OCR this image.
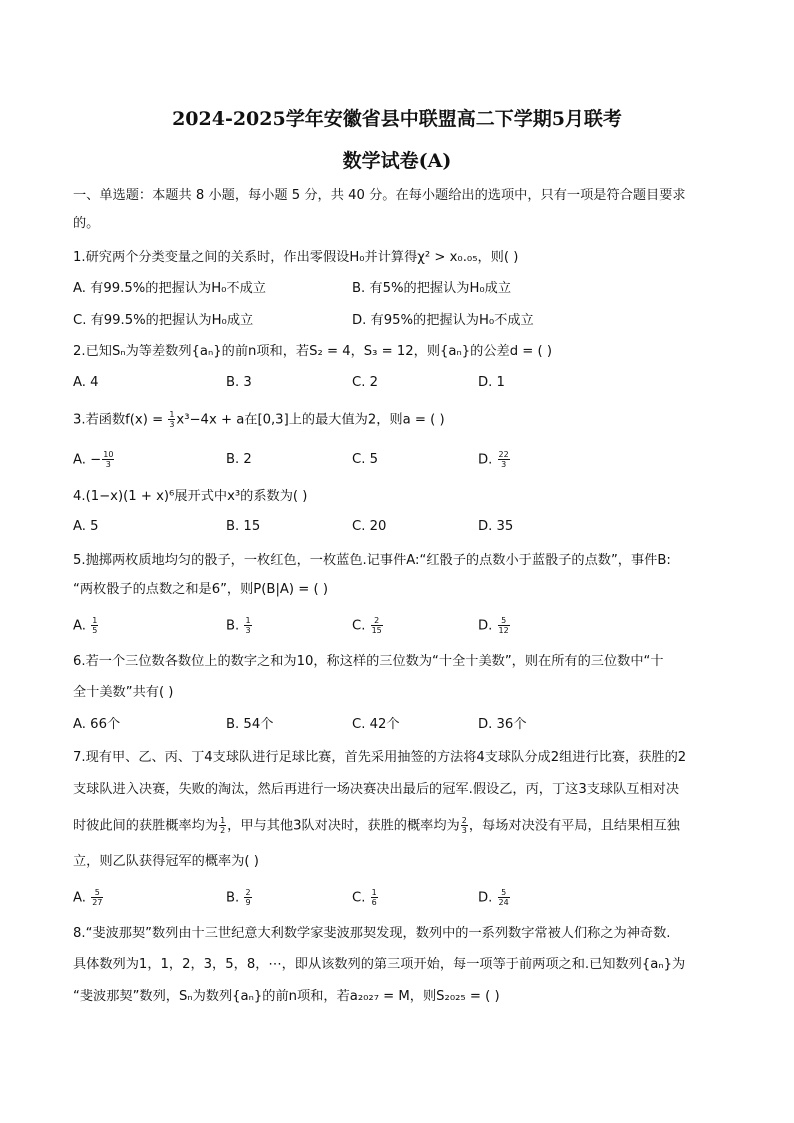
2024-2025学年安徽省县中联盟高二下学期5月联考
数学试卷(A)
一、单选题：本题共 8 小题，每小题 5 分，共 40 分。在每小题给出的选项中，只有一项是符合题目要求
的。
1.研究两个分类变量之间的关系时，作出零假设H₀并计算得χ² > x₀.₀₅，则( )
A. 有99.5%的把握认为H₀不成立	B. 有5%的把握认为H₀成立
C. 有99.5%的把握认为H₀成立	D. 有95%的把握认为H₀不成立
2.已知Sₙ为等差数列{aₙ}的前n项和，若S₂ = 4，S₃ = 12，则{aₙ}的公差d = ( )
A. 4	B. 3	C. 2	D. 1
3.若函数$f(x) = \frac{1}{3} x^3-4x + a$在[0,3]上的最大值为2，则a = ( )
A. − $\frac{10}{3}$	B. 2	C. 5	D. $\frac{22}{3}$
4.(1−x)(1 + x)⁶展开式中x³的系数为( )
A. 5	B. 15	C. 20	D. 35
5.抛掷两枚质地均匀的骰子，一枚红色，一枚蓝色.记事件A:“红骰子的点数小于蓝骰子的点数”，事件B:
“两枚骰子的点数之和是6”，则P(B|A) = ( )
A. $\frac{1}{5}$	B. $\frac{1}{3}$	C. $\frac{2}{15}$	D. $\frac{5}{12}$
6.若一个三位数各数位上的数字之和为10，称这样的三位数为“十全十美数”，则在所有的三位数中“十
全十美数”共有( )
A. 66个	B. 54个	C. 42个	D. 36个
7.现有甲、乙、丙、丁4支球队进行足球比赛，首先采用抽签的方法将4支球队分成2组进行比赛，获胜的2
支球队进入决赛，失败的淘汰，然后再进行一场决赛决出最后的冠军.假设乙，丙，丁这3支球队互相对决
时彼此间的获胜概率均为 $\frac{1}{2}$ ，甲与其他3队对决时，获胜的概率均为 $\frac{2}{3}$ ，每场对决没有平局，且结果相互独
立，则乙队获得冠军的概率为( )
A. $\frac{5}{27}$	B. $\frac{2}{9}$	C. $\frac{1}{6}$	D. $\frac{5}{24}$
8.“斐波那契”数列由十三世纪意大利数学家斐波那契发现，数列中的一系列数字常被人们称之为神奇数.
具体数列为1，1，2，3，5，8，⋯，即从该数列的第三项开始，每一项等于前两项之和.已知数列{aₙ}为
“斐波那契”数列，Sₙ为数列{aₙ}的前n项和，若a₂₀₂₇ = M，则S₂₀₂₅ = ( )
